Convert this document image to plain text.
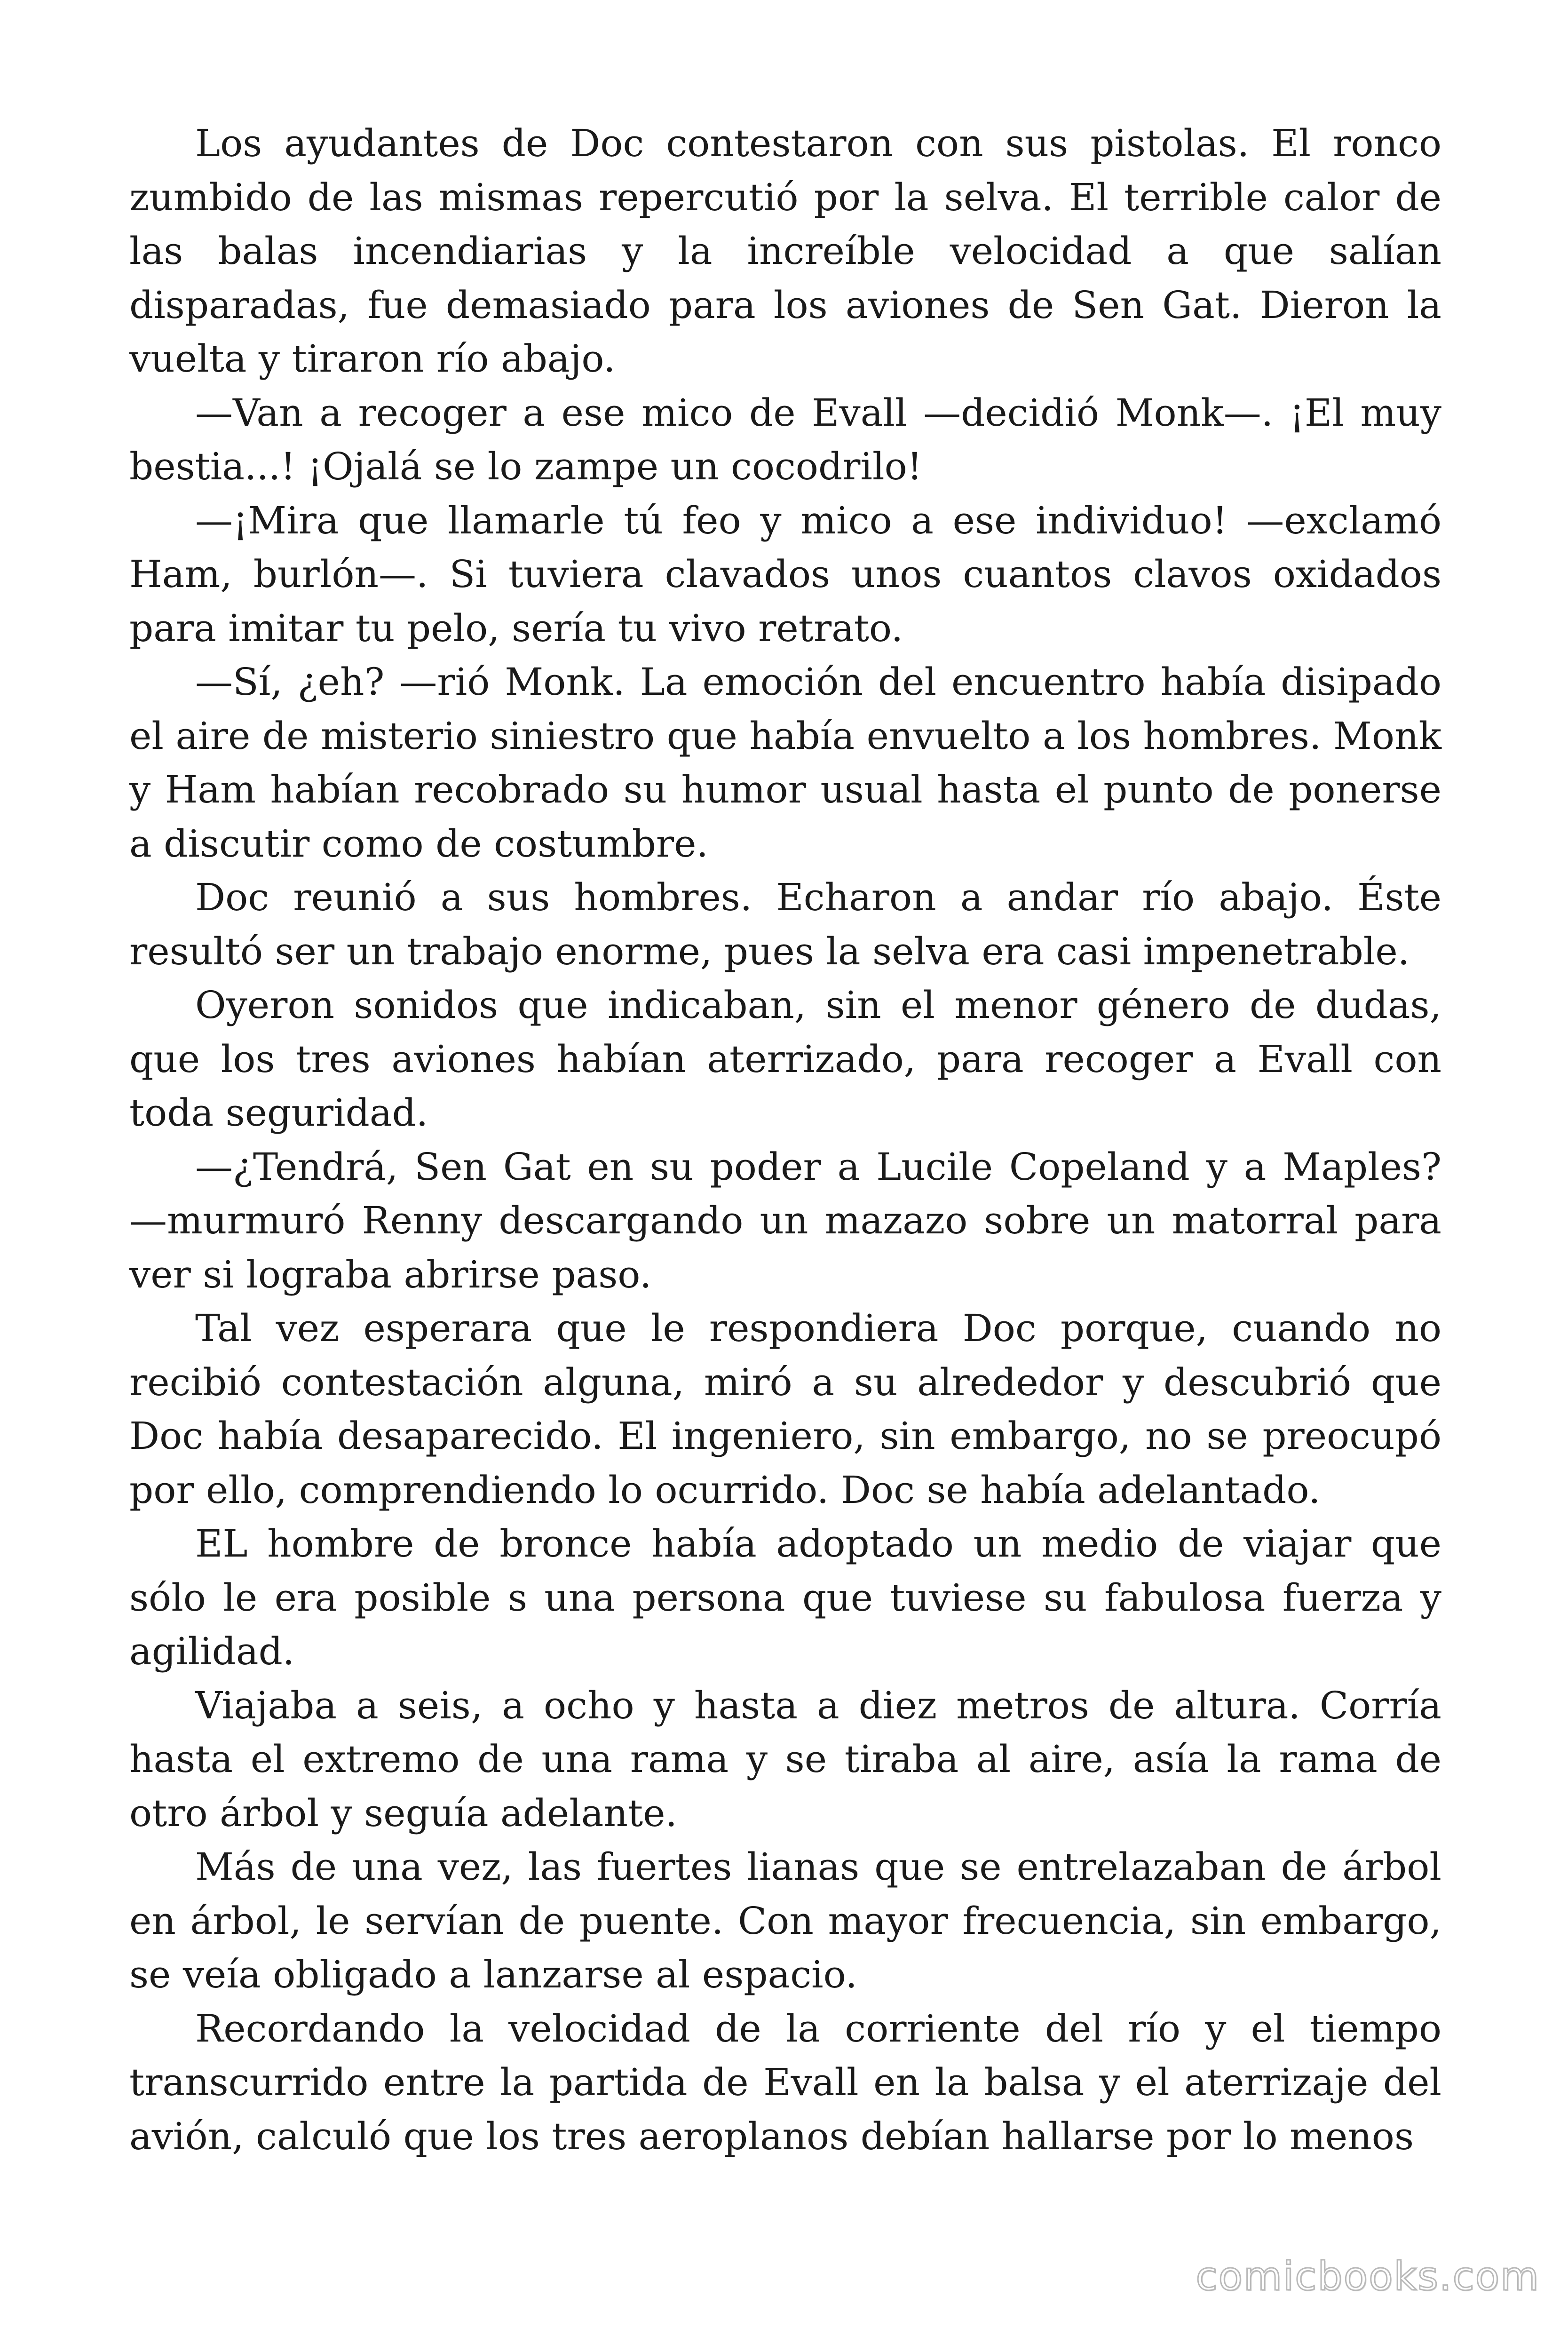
Los ayudantes de Doc contestaron con sus pistolas. El ronco zumbido de las mismas repercutió por la selva. El terrible calor de las balas incendiarias y la increíble velocidad a que salían disparadas, fue demasiado para los aviones de Sen Gat. Dieron la vuelta y tiraron río abajo.

—Van a recoger a ese mico de Evall —decidió Monk—. ¡El muy bestia...! ¡Ojalá se lo zampe un cocodrilo!

—¡Mira que llamarle tú feo y mico a ese individuo! —exclamó Ham, burlón—. Si tuviera clavados unos cuantos clavos oxidados para imitar tu pelo, sería tu vivo retrato.

—Sí, ¿eh? —rió Monk. La emoción del encuentro había disipado el aire de misterio siniestro que había envuelto a los hombres. Monk y Ham habían recobrado su humor usual hasta el punto de ponerse a discutir como de costumbre.

Doc reunió a sus hombres. Echaron a andar río abajo. Éste resultó ser un trabajo enorme, pues la selva era casi impenetrable.

Oyeron sonidos que indicaban, sin el menor género de dudas, que los tres aviones habían aterrizado, para recoger a Evall con toda seguridad.

—¿Tendrá, Sen Gat en su poder a Lucile Copeland y a Maples? —murmuró Renny descargando un mazazo sobre un matorral para ver si lograba abrirse paso.

Tal vez esperara que le respondiera Doc porque, cuando no recibió contestación alguna, miró a su alrededor y descubrió que Doc había desaparecido. El ingeniero, sin embargo, no se preocupó por ello, comprendiendo lo ocurrido. Doc se había adelantado.

EL hombre de bronce había adoptado un medio de viajar que sólo le era posible s una persona que tuviese su fabulosa fuerza y agilidad.

Viajaba a seis, a ocho y hasta a diez metros de altura. Corría hasta el extremo de una rama y se tiraba al aire, asía la rama de otro árbol y seguía adelante.

Más de una vez, las fuertes lianas que se entrelazaban de árbol en árbol, le servían de puente. Con mayor frecuencia, sin embargo, se veía obligado a lanzarse al espacio.

Recordando la velocidad de la corriente del río y el tiempo transcurrido entre la partida de Evall en la balsa y el aterrizaje del avión, calculó que los tres aeroplanos debían hallarse por lo menos

comicbooks.com
